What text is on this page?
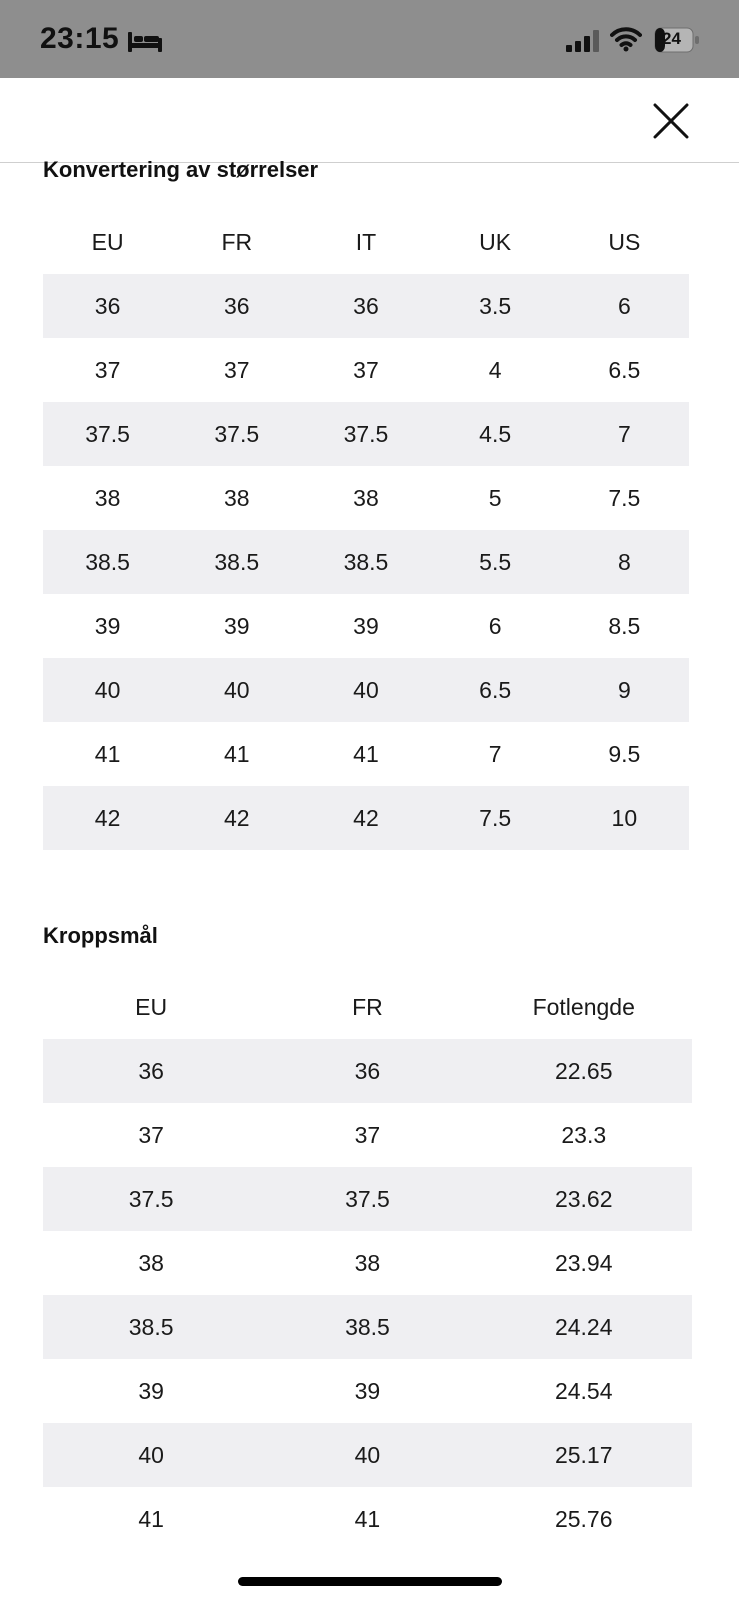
23:15	24
Konvertering av størrelser
EU	FR	IT	UK	US
36	36	36	3.5	6
37	37	37	4	6.5
37.5	37.5	37.5	4.5	7
38	38	38	5	7.5
38.5	38.5	38.5	5.5	8
39	39	39	6	8.5
40	40	40	6.5	9
41	41	41	7	9.5
42	42	42	7.5	10
Kroppsmål
EU	FR	Fotlengde
36	36	22.65
37	37	23.3
37.5	37.5	23.62
38	38	23.94
38.5	38.5	24.24
39	39	24.54
40	40	25.17
41	41	25.76
